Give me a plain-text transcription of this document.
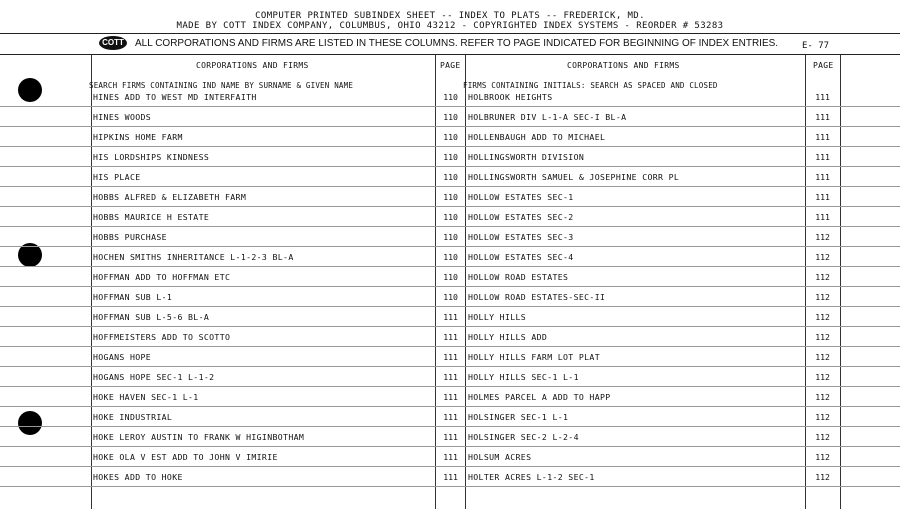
COMPUTER PRINTED SUBINDEX SHEET -- INDEX TO PLATS -- FREDERICK, MD.
MADE BY COTT INDEX COMPANY, COLUMBUS, OHIO 43212 - COPYRIGHTED INDEX SYSTEMS - REORDER # 53283
COTT	ALL CORPORATIONS AND FIRMS ARE LISTED IN THESE COLUMNS. REFER TO PAGE INDICATED FOR BEGINNING OF INDEX ENTRIES.	E- 77
CORPORATIONS AND FIRMS	PAGE	CORPORATIONS AND FIRMS	PAGE
SEARCH FIRMS CONTAINING IND NAME BY SURNAME & GIVEN NAME	FIRMS CONTAINING INITIALS: SEARCH AS SPACED AND CLOSED
HINES ADD TO WEST MD INTERFAITH	110 HOLBROOK HEIGHTS	111
HINES WOODS	110 HOLBRUNER DIV L-1-A SEC-I BL-A	111
HIPKINS HOME FARM	110 HOLLENBAUGH ADD TO MICHAEL	111
HIS LORDSHIPS KINDNESS	110 HOLLINGSWORTH DIVISION	111
HIS PLACE	110 HOLLINGSWORTH SAMUEL & JOSEPHINE CORR PL	111
HOBBS ALFRED & ELIZABETH FARM	110 HOLLOW ESTATES SEC-1	111
HOBBS MAURICE H ESTATE	110 HOLLOW ESTATES SEC-2	111
HOBBS PURCHASE	110 HOLLOW ESTATES SEC-3	112
HOCHEN SMITHS INHERITANCE L-1-2-3 BL-A	110 HOLLOW ESTATES SEC-4	112
HOFFMAN ADD TO HOFFMAN ETC	110 HOLLOW ROAD ESTATES	112
HOFFMAN SUB L-1	110 HOLLOW ROAD ESTATES-SEC-II	112
HOFFMAN SUB L-5-6 BL-A	111 HOLLY HILLS	112
HOFFMEISTERS ADD TO SCOTTO	111 HOLLY HILLS ADD	112
HOGANS HOPE	111 HOLLY HILLS FARM LOT PLAT	112
HOGANS HOPE SEC-1 L-1-2	111 HOLLY HILLS SEC-1 L-1	112
HOKE HAVEN SEC-1 L-1	111 HOLMES PARCEL A ADD TO HAPP	112
HOKE INDUSTRIAL	111 HOLSINGER SEC-1 L-1	112
HOKE LEROY AUSTIN TO FRANK W HIGINBOTHAM	111 HOLSINGER SEC-2 L-2-4	112
HOKE OLA V EST ADD TO JOHN V IMIRIE	111 HOLSUM ACRES	112
HOKES ADD TO HOKE	111 HOLTER ACRES L-1-2 SEC-1	112
